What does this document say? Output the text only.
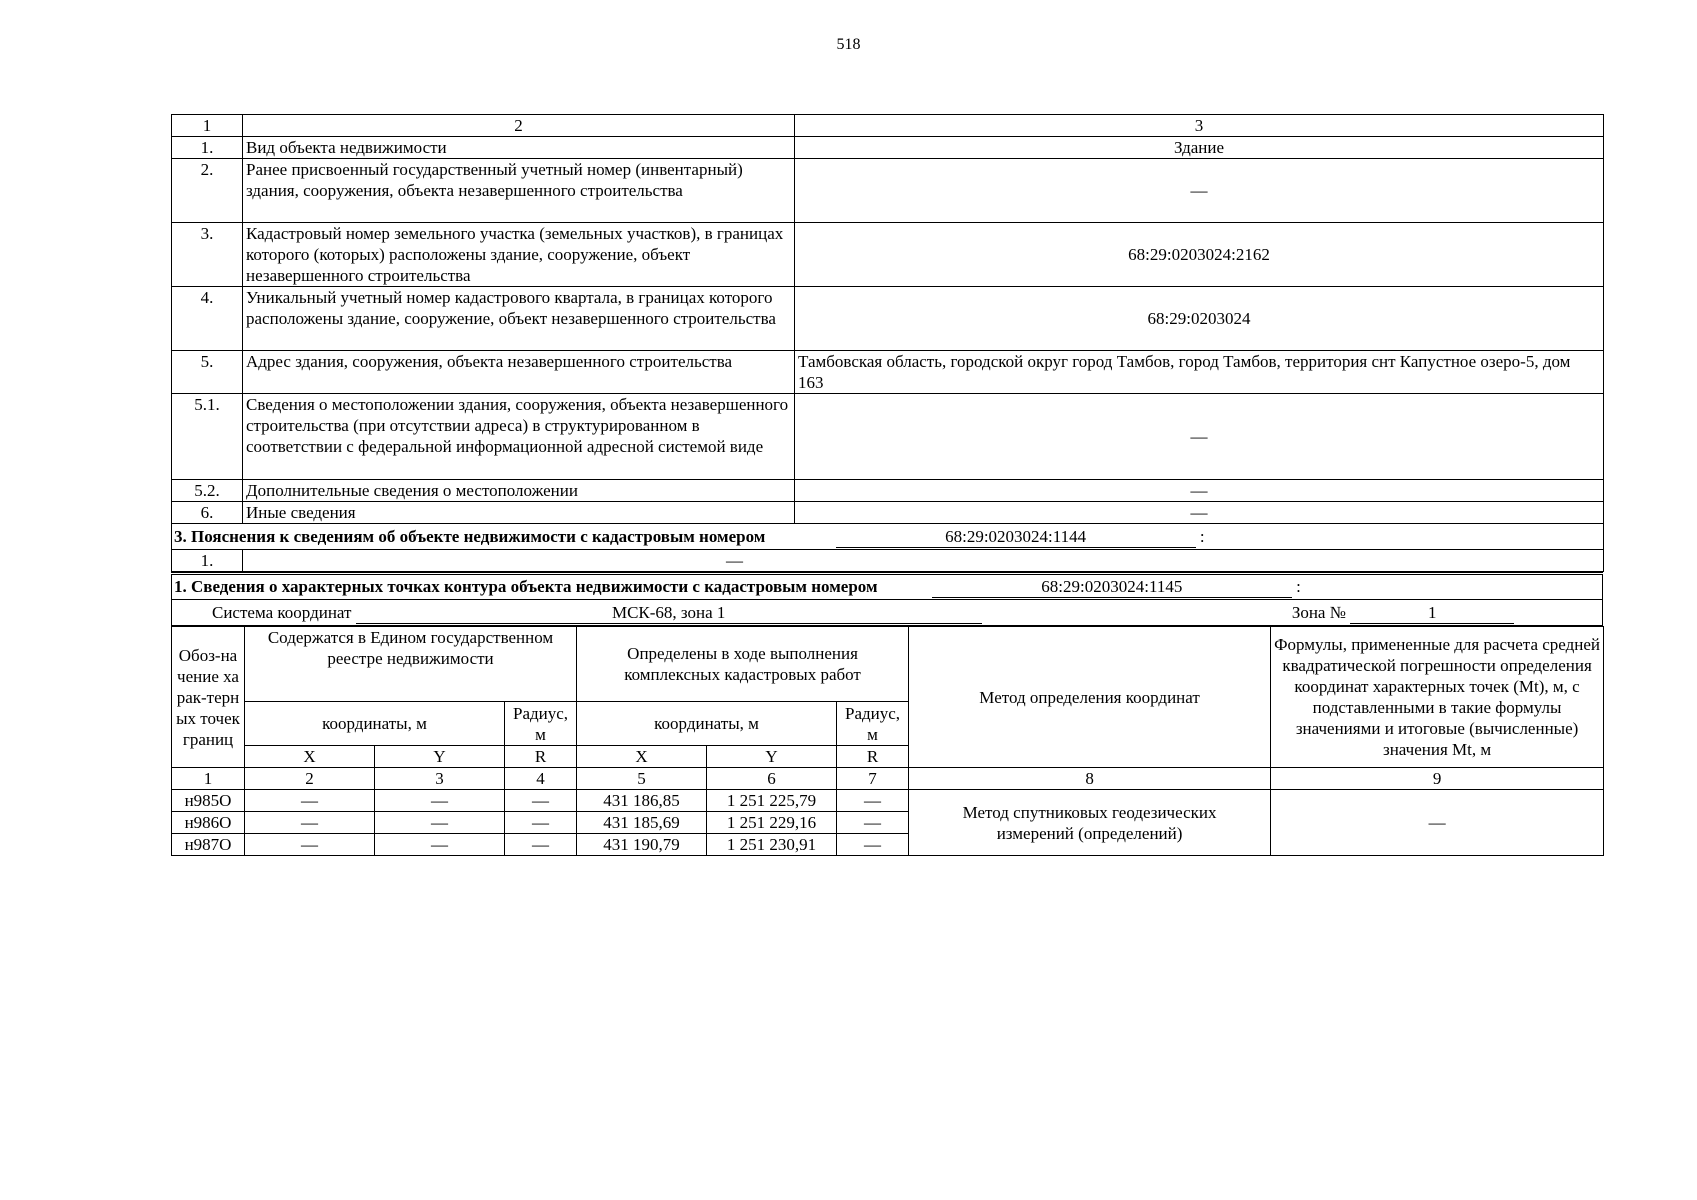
518
1	2	3
1.	Вид объекта недвижимости	Здание
2.	Ранее присвоенный государственный учетный номер (инвентарный) здания, сооружения, объекта незавершенного строительства	—
3.	Кадастровый номер земельного участка (земельных участков), в границах которого (которых) расположены здание, сооружение, объект незавершенного строительства	68:29:0203024:2162
4.	Уникальный учетный номер кадастрового квартала, в границах которого расположены здание, сооружение, объект незавершенного строительства	68:29:0203024
5.	Адрес здания, сооружения, объекта незавершенного строительства	Тамбовская область, городской округ город Тамбов, город Тамбов, территория снт Капустное озеро-5, дом 163
5.1.	Сведения о местоположении здания, сооружения, объекта незавершенного строительства (при отсутствии адреса) в структурированном в соответствии с федеральной информационной адресной системой виде	—
5.2.	Дополнительные сведения о местоположении	—
6.	Иные сведения	—
3. Пояснения к сведениям об объекте недвижимости с кадастровым номером 68:29:0203024:1144 :		
1.	—	
1. Сведения о характерных точках контура объекта недвижимости с кадастровым номером	68:29:0203024:1145	:
Система координат	МСК-68, зона 1	Зона №	1
Обоз-начение харак-терных точек границ	Содержатся в Едином государственном реестре недвижимости			Определены в ходе выполнения комплексных кадастровых работ			Метод определения координат	Формулы, примененные для расчета средней квадратической погрешности определения координат характерных точек (Mt), м, с подставленными в такие формулы значениями и итоговые (вычисленные) значения Mt, м
	координаты, м		Радиус, м	координаты, м		Радиус, м		
	X	Y	R	X	Y	R		
1	2	3	4	5	6	7	8	9
н985О	—	—	—	431 186,85	1 251 225,79	—	Метод спутниковых геодезических измерений (определений)	—
н986О	—	—	—	431 185,69	1 251 229,16	—		
н987О	—	—	—	431 190,79	1 251 230,91	—		
